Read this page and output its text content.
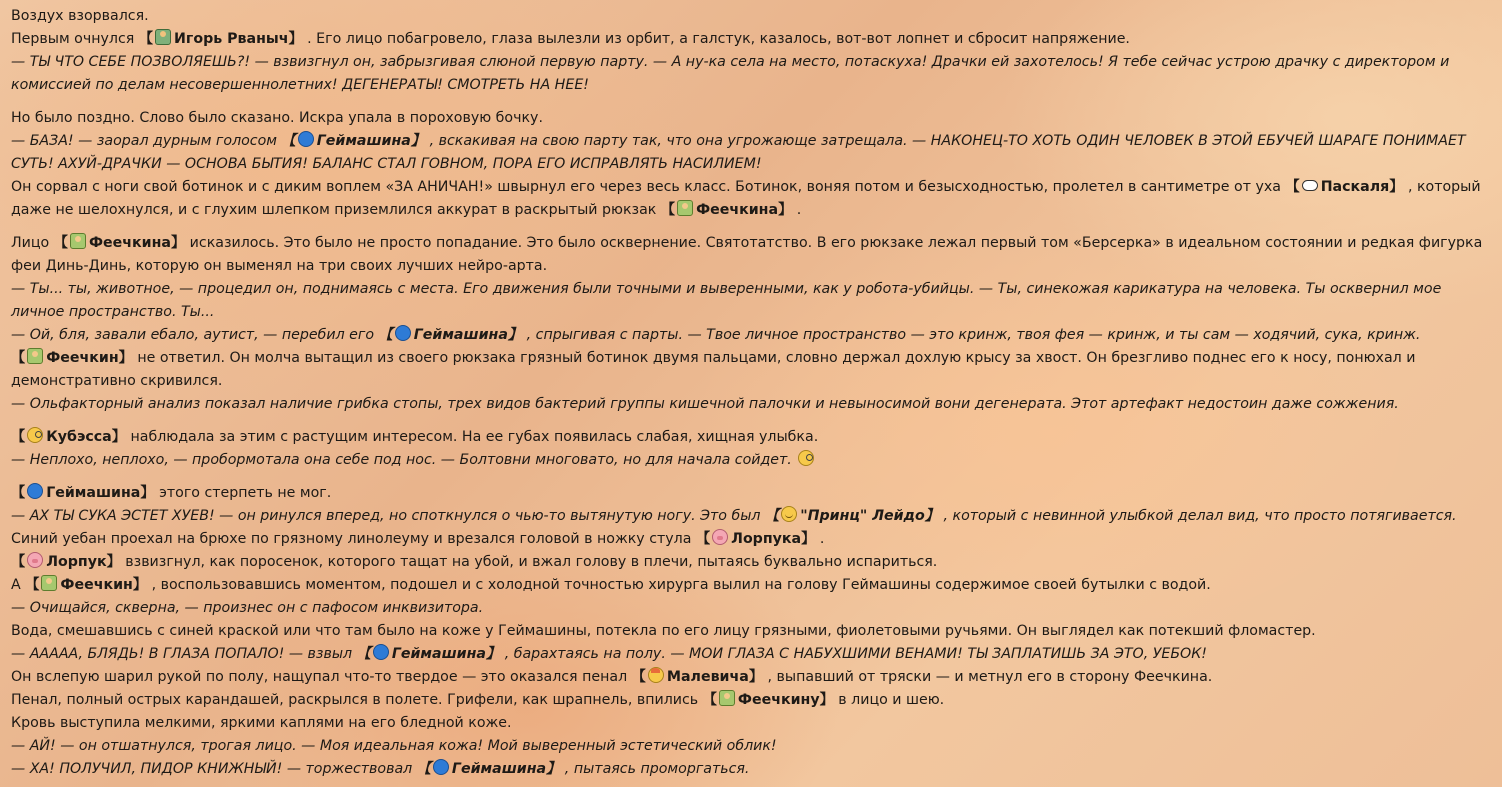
Воздух взорвался.
Первым очнулся 【 Игорь Рваныч】 . Его лицо побагровело, глаза вылезли из орбит, а галстук, казалось, вот-вот лопнет и сбросит напряжение.
— ТЫ ЧТО СЕБЕ ПОЗВОЛЯЕШЬ?! — взвизгнул он, забрызгивая слюной первую парту. — А ну-ка села на место, потаскуха! Драчки ей захотелось! Я тебе сейчас устрою драчку с директором и комиссией по делам несовершеннолетних! ДЕГЕНЕРАТЫ! СМОТРЕТЬ НА НЕЕ!
Но было поздно. Слово было сказано. Искра упала в пороховую бочку.
— БАЗА! — заорал дурным голосом 【 Геймашина】 , вскакивая на свою парту так, что она угрожающе затрещала. — НАКОНЕЦ-ТО ХОТЬ ОДИН ЧЕЛОВЕК В ЭТОЙ ЕБУЧЕЙ ШАРАГЕ ПОНИМАЕТ СУТЬ! АХУЙ-ДРАЧКИ — ОСНОВА БЫТИЯ! БАЛАНС СТАЛ ГОВНОМ, ПОРА ЕГО ИСПРАВЛЯТЬ НАСИЛИЕМ!
Он сорвал с ноги свой ботинок и с диким воплем «ЗА АНИЧАН!» швырнул его через весь класс. Ботинок, воняя потом и безысходностью, пролетел в сантиметре от уха 【 Паскаля】 , который даже не шелохнулся, и с глухим шлепком приземлился аккурат в раскрытый рюкзак 【 Феечкина】 .
Лицо 【 Феечкина】 исказилось. Это было не просто попадание. Это было осквернение. Святотатство. В его рюкзаке лежал первый том «Берсерка» в идеальном состоянии и редкая фигурка феи Динь-Динь, которую он выменял на три своих лучших нейро-арта.
— Ты... ты, животное, — процедил он, поднимаясь с места. Его движения были точными и выверенными, как у робота-убийцы. — Ты, синекожая карикатура на человека. Ты осквернил мое личное пространство. Ты...
— Ой, бля, завали ебало, аутист, — перебил его 【 Геймашина】 , спрыгивая с парты. — Твое личное пространство — это кринж, твоя фея — кринж, и ты сам — ходячий, сука, кринж.
【 Феечкин】 не ответил. Он молча вытащил из своего рюкзака грязный ботинок двумя пальцами, словно держал дохлую крысу за хвост. Он брезгливо поднес его к носу, понюхал и демонстративно скривился.
— Ольфакторный анализ показал наличие грибка стопы, трех видов бактерий группы кишечной палочки и невыносимой вони дегенерата. Этот артефакт недостоин даже сожжения.
【 Кубэсса】 наблюдала за этим с растущим интересом. На ее губах появилась слабая, хищная улыбка.
— Неплохо, неплохо, — пробормотала она себе под нос. — Болтовни многовато, но для начала сойдет.
【 Геймашина】 этого стерпеть не мог.
— АХ ТЫ СУКА ЭСТЕТ ХУЕВ! — он ринулся вперед, но споткнулся о чью-то вытянутую ногу. Это был 【 "Принц" Лейдо】 , который с невинной улыбкой делал вид, что просто потягивается.
Синий уебан проехал на брюхе по грязному линолеуму и врезался головой в ножку стула 【 Лорпука】 .
【 Лорпук】 взвизгнул, как поросенок, которого тащат на убой, и вжал голову в плечи, пытаясь буквально испариться.
А 【 Феечкин】 , воспользовавшись моментом, подошел и с холодной точностью хирурга вылил на голову Геймашины содержимое своей бутылки с водой.
— Очищайся, скверна, — произнес он с пафосом инквизитора.
Вода, смешавшись с синей краской или что там было на коже у Геймашины, потекла по его лицу грязными, фиолетовыми ручьями. Он выглядел как потекший фломастер.
— АААAA, БЛЯДЬ! В ГЛАЗА ПОПАЛО! — взвыл 【 Геймашина】 , барахтаясь на полу. — МОИ ГЛАЗА С НАБУХШИМИ ВЕНАМИ! ТЫ ЗАПЛАТИШЬ ЗА ЭТО, УЕБОК!
Он вслепую шарил рукой по полу, нащупал что-то твердое — это оказался пенал 【 Малевича】 , выпавший от тряски — и метнул его в сторону Феечкина.
Пенал, полный острых карандашей, раскрылся в полете. Грифели, как шрапнель, впились 【 Феечкину】 в лицо и шею.
Кровь выступила мелкими, яркими каплями на его бледной коже.
— АЙ! — он отшатнулся, трогая лицо. — Моя идеальная кожа! Мой выверенный эстетический облик!
— ХА! ПОЛУЧИЛ, ПИДОР КНИЖНЫЙ! — торжествовал 【 Геймашина】 , пытаясь проморгаться.
